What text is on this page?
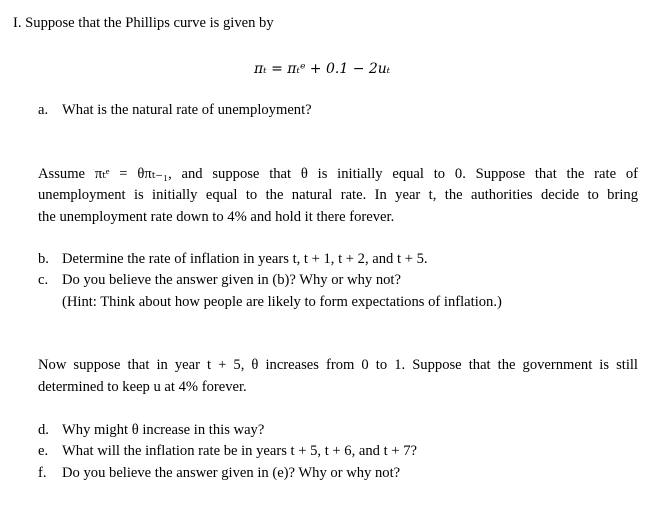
I. Suppose that the Phillips curve is given by
πₜ = πₜᵉ + 0.1 − 2uₜ
a. What is the natural rate of unemployment?
Assume πₜᵉ = θπₜ₋₁, and suppose that θ is initially equal to 0. Suppose that the rate of
unemployment is initially equal to the natural rate. In year t, the authorities decide to bring
the unemployment rate down to 4% and hold it there forever.
b. Determine the rate of inflation in years t, t + 1, t + 2, and t + 5.
c. Do you believe the answer given in (b)? Why or why not?
(Hint: Think about how people are likely to form expectations of inflation.)
Now suppose that in year t + 5, θ increases from 0 to 1. Suppose that the government is still
determined to keep u at 4% forever.
d. Why might θ increase in this way?
e. What will the inflation rate be in years t + 5, t + 6, and t + 7?
f. Do you believe the answer given in (e)? Why or why not?
